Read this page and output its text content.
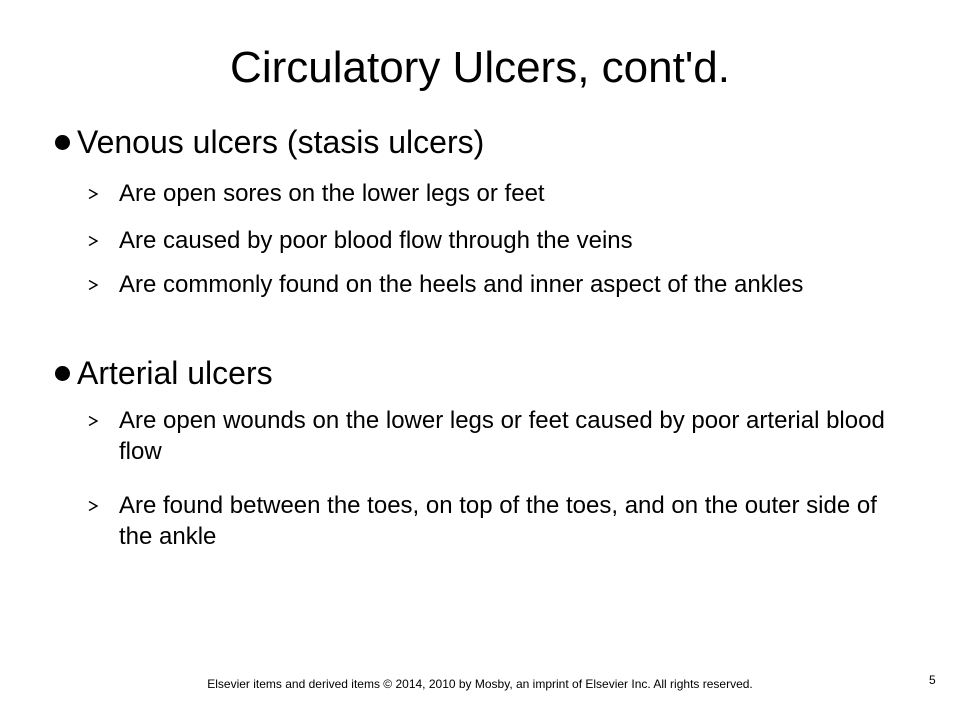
Circulatory Ulcers, cont'd.
Venous ulcers (stasis ulcers)
Are open sores on the lower legs or feet
Are caused by poor blood flow through the veins
Are commonly found on the heels and inner aspect of the ankles
Arterial ulcers
Are open wounds on the lower legs or feet caused by poor arterial blood flow
Are found between the toes, on top of the toes, and on the outer side of the ankle
Elsevier items and derived items © 2014, 2010 by Mosby, an imprint of Elsevier Inc. All rights reserved.	5
